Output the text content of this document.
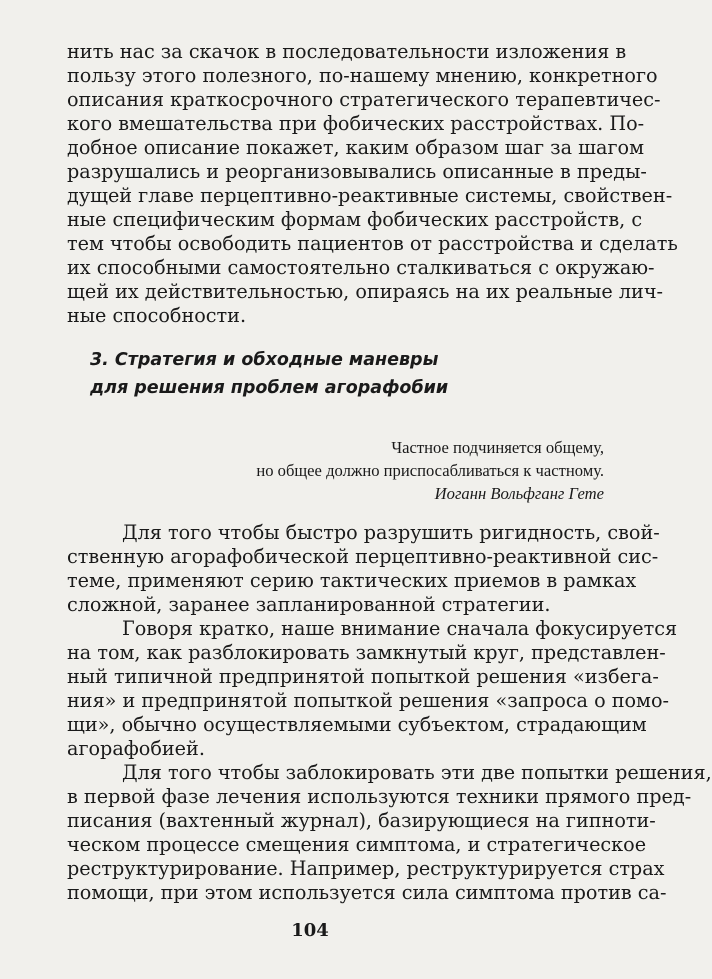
нить нас за скачок в последовательности изложения в
пользу этого полезного, по-нашему мнению, конкретного
описания краткосрочного стратегического терапевтичес-
кого вмешательства при фобических расстройствах. По-
добное описание покажет, каким образом шаг за шагом
разрушались и реорганизовывались описанные в преды-
дущей главе перцептивно-реактивные системы, свойствен-
ные специфическим формам фобических расстройств, с
тем чтобы освободить пациентов от расстройства и сделать
их способными самостоятельно сталкиваться с окружаю-
щей их действительностью, опираясь на их реальные лич-
ные способности.
3. Стратегия и обходные маневры
для решения проблем агорафобии
Частное подчиняется общему,
но общее должно приспосабливаться к частному.
Иоганн Вольфганг Гете
Для того чтобы быстро разрушить ригидность, свой-
ственную агорафобической перцептивно-реактивной сис-
теме, применяют серию тактических приемов в рамках
сложной, заранее запланированной стратегии.
Говоря кратко, наше внимание сначала фокусируется
на том, как разблокировать замкнутый круг, представлен-
ный типичной предпринятой попыткой решения «избега-
ния» и предпринятой попыткой решения «запроса о помо-
щи», обычно осуществляемыми субъектом, страдающим
агорафобией.
Для того чтобы заблокировать эти две попытки решения,
в первой фазе лечения используются техники прямого пред-
писания (вахтенный журнал), базирующиеся на гипноти-
ческом процессе смещения симптома, и стратегическое
реструктурирование. Например, реструктурируется страх
помощи, при этом используется сила симптома против са-
104
